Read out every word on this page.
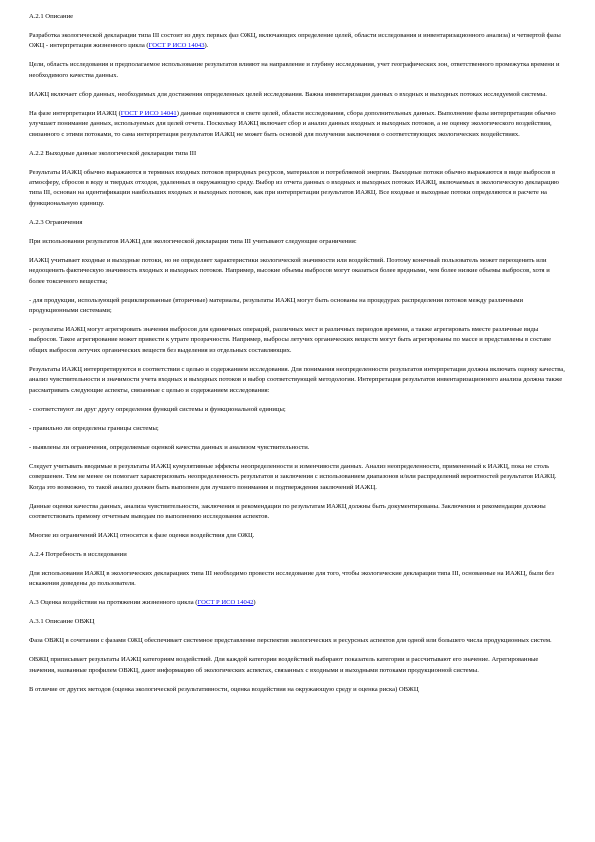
А.2.1 Описание

Разработка экологической декларации типа III состоит из двух первых фаз ОЖЦ, включающих определение целей, области исследования и инвентаризационного анализа) и четвертой фазы ОЖЦ - интерпретация жизненного цикла (ГОСТ Р ИСО 14043).

Цели, область исследования и предполагаемое использование результатов влияют на направление и глубину исследования, учет географических зон, ответственного промежутка времени и необходимого качества данных.

ИАЖЦ включает сбор данных, необходимых для достижения определенных целей исследования. Важна инвентаризация данных о входных и выходных потоках исследуемой системы.

На фазе интерпретации ИАЖЦ (ГОСТ Р ИСО 14041) данные оцениваются в свете целей, области исследования, сбора дополнительных данных. Выполнение фазы интерпретации обычно улучшает понимание данных, используемых для целей отчета. Поскольку ИАЖЦ включает сбор и анализ данных входных и выходных потоков, а не оценку экологического воздействия, связанного с этими потоками, то сама интерпретация результатов ИАЖЦ не может быть основой для получения заключения о соответствующих экологических воздействиях.

А.2.2 Выходные данные экологической декларации типа III

Результаты ИАЖЦ обычно выражаются в терминах входных потоков природных ресурсов, материалов и потребляемой энергии. Выходные потоки обычно выражаются в виде выбросов в атмосферу, сбросов в воду и твердых отходов, удаленных в окружающую среду. Выбор из отчета данных о входных и выходных потоках ИАЖЦ, включаемых в экологическую декларацию типа III, основан на идентификации наибольших входных и выходных потоков, как при интерпретации результатов ИАЖЦ. Все входные и выходные потоки определяются в расчете на функциональную единицу.

А.2.3 Ограничения

При использовании результатов ИАЖЦ для экологической декларации типа III учитывают следующие ограничения:

ИАЖЦ учитывает входные и выходные потоки, но не определяет характеристики экологической значимости или воздействий. Поэтому конечный пользователь может переоценить или недооценить фактическую значимость входных и выходных потоков. Например, высокие объемы выбросов могут оказаться более вредными, чем более низкие объемы выбросов, хотя и более токсичного вещества;

- для продукции, использующей рециклированные (вторичные) материалы, результаты ИАЖЦ могут быть основаны на процедурах распределения потоков между различными продукционными системами;

- результаты ИАЖЦ могут агрегировать значения выбросов для единичных операций, различных мест и различных периодов времени, а также агрегировать вместе различные виды выбросов. Такое агрегирование может привести к утрате прозрачности. Например, выбросы летучих органических веществ могут быть агрегированы по массе и представлены в составе общих выбросов летучих органических веществ без выделения из отдельных составляющих.

Результаты ИАЖЦ интерпретируются в соответствии с целью и содержанием исследования. Для понимания неопределенности результатов интерпретация должна включать оценку качества, анализ чувствительности и значимости учета входных и выходных потоков и выбор соответствующей методологии. Интерпретация результатов инвентаризационного анализа должна также рассматривать следующие аспекты, связанные с целью и содержанием исследования:

- соответствуют ли друг другу определения функций системы и функциональной единицы;

- правильно ли определены границы системы;

- выявлены ли ограничения, определяемые оценкой качества данных и анализом чувствительности.

Следует учитывать вводимые в результаты ИАЖЦ кумулятивные эффекты неопределенности и изменчивости данных. Анализ неопределенности, примененный к ИАЖЦ, пока не столь совершенен. Тем не менее он помогает характеризовать неопределенность результатов и заключения с использованием диапазонов и/или распределений вероятностей результатов ИАЖЦ. Когда это возможно, то такой анализ должен быть выполнен для лучшего понимания и подтверждения заключений ИАЖЦ.

Данные оценки качества данных, анализа чувствительности, заключения и рекомендации по результатам ИАЖЦ должны быть документированы. Заключения и рекомендации должны соответствовать прямому отчетным выводам по выполнению исследования аспектов.

Многие из ограничений ИАЖЦ относятся к фазе оценки воздействия для ОЖЦ.

А.2.4 Потребность в исследовании

Для использования ИАЖЦ в экологических декларациях типа III необходимо провести исследование для того, чтобы экологические декларации типа III, основанные на ИАЖЦ, были без искажения доведены до пользователя.

А.3 Оценка воздействия на протяжении жизненного цикла (ГОСТ Р ИСО 14042)

А.3.1 Описание ОВЖЦ

Фаза ОВЖЦ в сочетании с фазами ОЖЦ обеспечивает системное представление перспектив экологических и ресурсных аспектов для одной или большего числа продукционных систем.

ОВЖЦ приписывает результаты ИАЖЦ категориям воздействий. Для каждой категории воздействий выбирают показатель категории и рассчитывают его значение. Агрегированные значения, названные профилем ОВЖЦ, дают информацию об экологических аспектах, связанных с входными и выходными потоками продукционной системы.

В отличие от других методов (оценка экологической результативности, оценка воздействия на окружающую среду и оценка риска) ОВЖЦ
